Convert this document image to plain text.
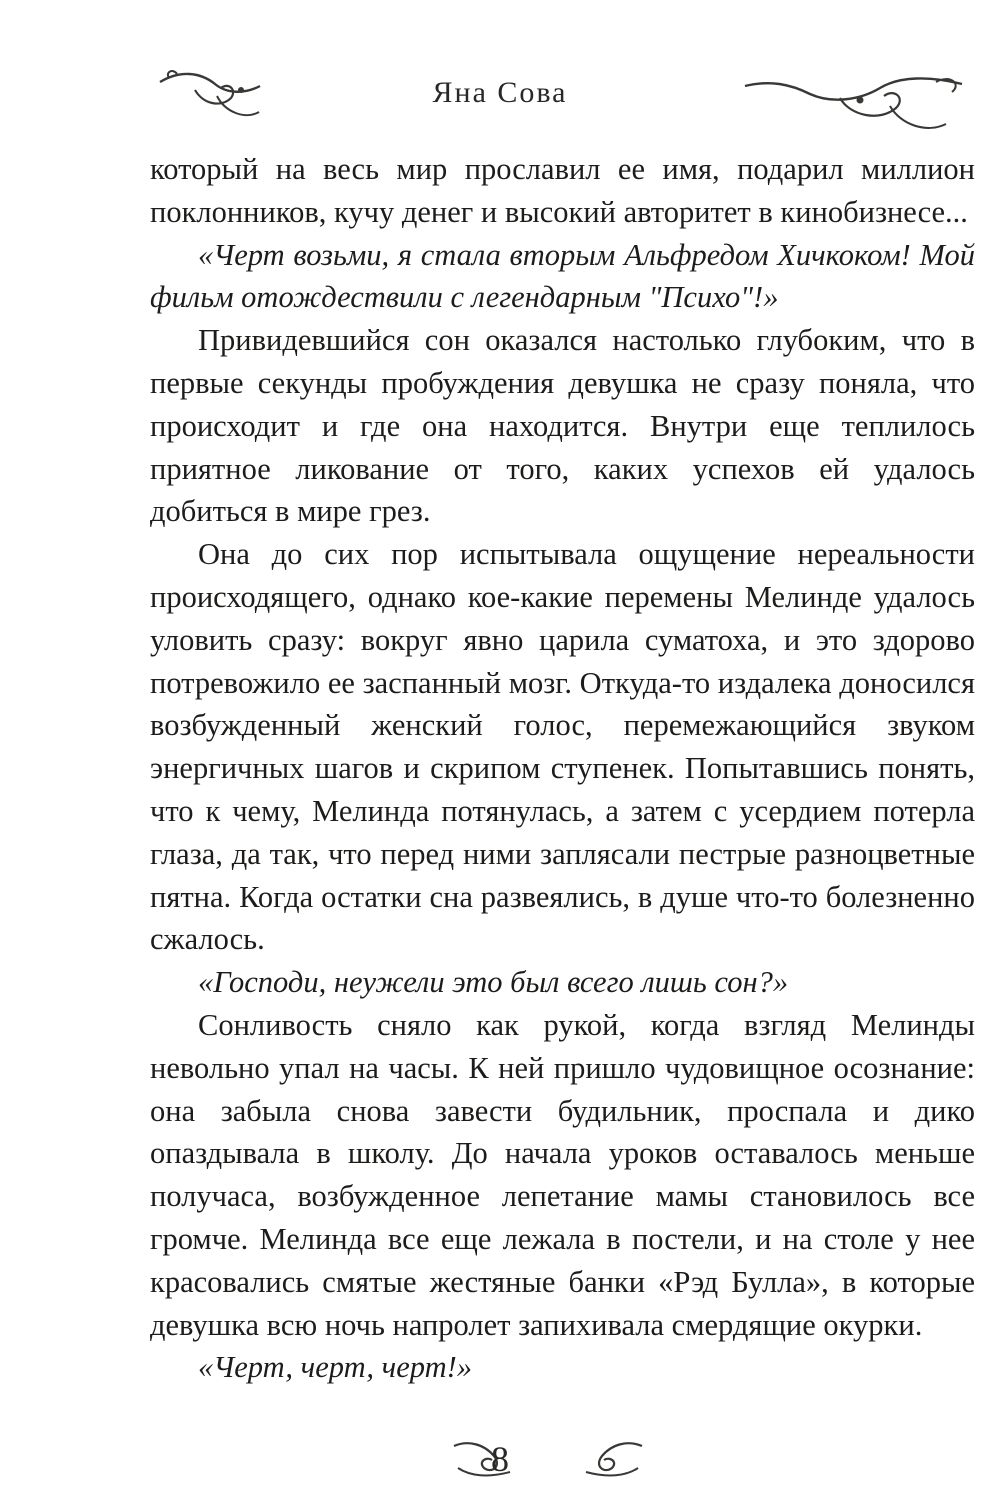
Яна Сова

который на весь мир прославил ее имя, подарил миллион поклонников, кучу денег и высокий авторитет в кинобизнесе...

«Черт возьми, я стала вторым Альфредом Хичкоком! Мой фильм отождествили с легендарным "Психо"!»

Привидевшийся сон оказался настолько глубоким, что в первые секунды пробуждения девушка не сразу поняла, что происходит и где она находится. Внутри еще теплилось приятное ликование от того, каких успехов ей удалось добиться в мире грез.

Она до сих пор испытывала ощущение нереальности происходящего, однако кое-какие перемены Мелинде удалось уловить сразу: вокруг явно царила суматоха, и это здорово потревожило ее заспанный мозг. Откуда-то издалека доносился возбужденный женский голос, перемежающийся звуком энергичных шагов и скрипом ступенек. Попытавшись понять, что к чему, Мелинда потянулась, а затем с усердием потерла глаза, да так, что перед ними заплясали пестрые разноцветные пятна. Когда остатки сна развеялись, в душе что-то болезненно сжалось.

«Господи, неужели это был всего лишь сон?»

Сонливость сняло как рукой, когда взгляд Мелинды невольно упал на часы. К ней пришло чудовищное осознание: она забыла снова завести будильник, проспала и дико опаздывала в школу. До начала уроков оставалось меньше получаса, возбужденное лепетание мамы становилось все громче. Мелинда все еще лежала в постели, и на столе у нее красовались смятые жестяные банки «Рэд Булла», в которые девушка всю ночь напролет запихивала смердящие окурки.

«Черт, черт, черт!»

8
